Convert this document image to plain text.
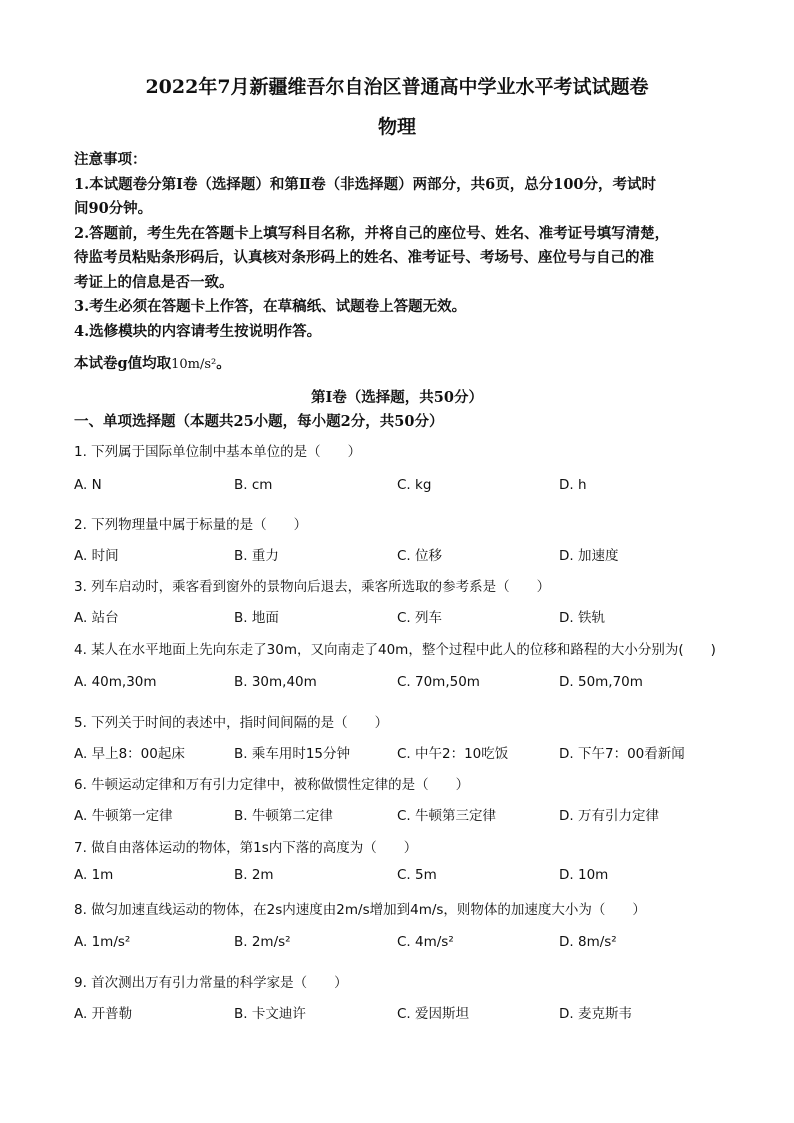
2022年7月新疆维吾尔自治区普通高中学业水平考试试题卷
物理

注意事项：

1.本试题卷分第Ⅰ卷（选择题）和第Ⅱ卷（非选择题）两部分，共6页，总分100分，考试时

间90分钟。

2.答题前，考生先在答题卡上填写科目名称，并将自己的座位号、姓名、准考证号填写清楚，

待监考员粘贴条形码后，认真核对条形码上的姓名、准考证号、考场号、座位号与自己的准

考证上的信息是否一致。

3.考生必须在答题卡上作答，在草稿纸、试题卷上答题无效。

4.选修模块的内容请考生按说明作答。

本试卷g值均取10m/s²。
第Ⅰ卷（选择题，共50分）
一、单项选择题（本题共25小题，每小题2分，共50分）
1. 下列属于国际单位制中基本单位的是（　　）
A. N	B. cm	C. kg	D. h
2. 下列物理量中属于标量的是（　　）
A. 时间	B. 重力	C. 位移	D. 加速度
3. 列车启动时，乘客看到窗外的景物向后退去，乘客所选取的参考系是（　　）
A. 站台	B. 地面	C. 列车	D. 铁轨
4. 某人在水平地面上先向东走了30m，又向南走了40m，整个过程中此人的位移和路程的大小分别为(　　)
A. 40m,30m	B. 30m,40m	C. 70m,50m	D. 50m,70m
5. 下列关于时间的表述中，指时间间隔的是（　　）
A. 早上8：00起床	B. 乘车用时15分钟	C. 中午2：10吃饭	D. 下午7：00看新闻
6. 牛顿运动定律和万有引力定律中，被称做惯性定律的是（　　）
A. 牛顿第一定律	B. 牛顿第二定律	C. 牛顿第三定律	D. 万有引力定律
7. 做自由落体运动的物体，第1s内下落的高度为（　　）
A. 1m	B. 2m	C. 5m	D. 10m
8. 做匀加速直线运动的物体，在2s内速度由2m/s增加到4m/s，则物体的加速度大小为（　　）
A. 1m/s²	B. 2m/s²	C. 4m/s²	D. 8m/s²
9. 首次测出万有引力常量的科学家是（　　）
A. 开普勒	B. 卡文迪许	C. 爱因斯坦	D. 麦克斯韦
